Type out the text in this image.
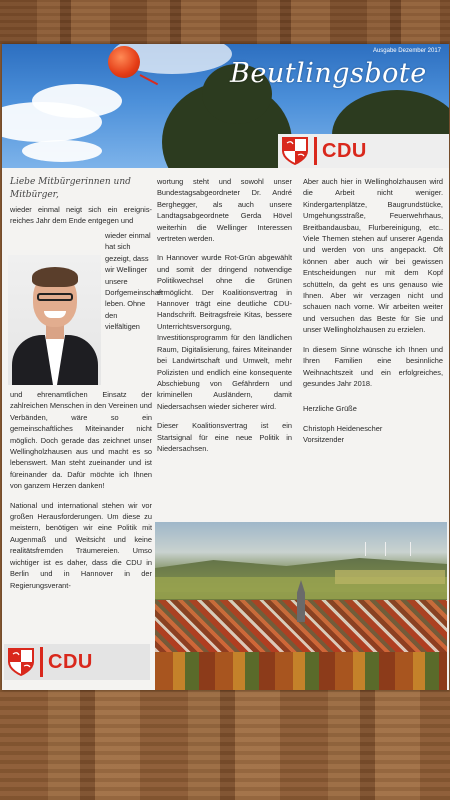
Ausgabe Dezember 2017
Beutlingsbote
CDU
Liebe Mitbürgerinnen und Mitbürger,

wieder einmal neigt sich ein ereignisreiches Jahr dem Ende entgegen und

wieder einmal hat sich gezeigt, dass wir Wellinger unsere Dorfgemeinschaft leben. Ohne den vielfältigen

und ehrenamtlichen Einsatz der zahlreichen Menschen in den Vereinen und Verbänden, wäre so ein gemeinschaftliches Miteinander nicht möglich. Doch gerade das zeichnet unser Wellingholzhausen aus und macht es so lebenswert. Man steht zueinander und ist füreinander da. Dafür möchte ich Ihnen von ganzem Herzen danken!

National und international stehen wir vor großen Herausforderungen. Um diese zu meistern, benötigen wir eine Politik mit Augenmaß und Weitsicht und keine realitätsfremden Träumereien. Umso wichtiger ist es daher, dass die CDU in Berlin und in Hannover in der Regierungsverant-

wortung steht und sowohl unser Bundestagsabgeordneter Dr. André Berghegger, als auch unsere Landtagsabgeordnete Gerda Hövel weiterhin die Wellinger Interessen vertreten werden.

In Hannover wurde Rot-Grün abgewählt und somit der dringend notwendige Politikwechsel ohne die Grünen ermöglicht. Der Koalitionsvertrag in Hannover trägt eine deutliche CDU-Handschrift. Beitragsfreie Kitas, bessere Unterrichtsversorgung, Investitionsprogramm für den ländlichen Raum, Digitalisierung, faires Miteinander bei Landwirtschaft und Umwelt, mehr Polizisten und endlich eine konsequente Abschiebung von Gefährdern und kriminellen Ausländern, damit Niedersachsen wieder sicherer wird.

Dieser Koalitionsvertrag ist ein Startsignal für eine neue Politik in Niedersachsen.

Aber auch hier in Wellingholzhausen wird die Arbeit nicht weniger. Kindergartenplätze, Baugrundstücke, Umgehungsstraße, Feuerwehrhaus, Breitbandausbau, Flurbereinigung, etc.. Viele Themen stehen auf unserer Agenda und werden von uns angepackt. Oft können aber auch wir bei gewissen Entscheidungen nur mit dem Kopf schütteln, da geht es uns genauso wie Ihnen. Aber wir verzagen nicht und schauen nach vorne. Wir arbeiten weiter und versuchen das Beste für Sie und unser Wellingholzhausen zu erzielen.

In diesem Sinne wünsche ich Ihnen und Ihren Familien eine besinnliche Weihnachtszeit und ein erfolgreiches, gesundes Jahr 2018.

Herzliche Grüße

Christoph Heidenescher
Vorsitzender
CDU
